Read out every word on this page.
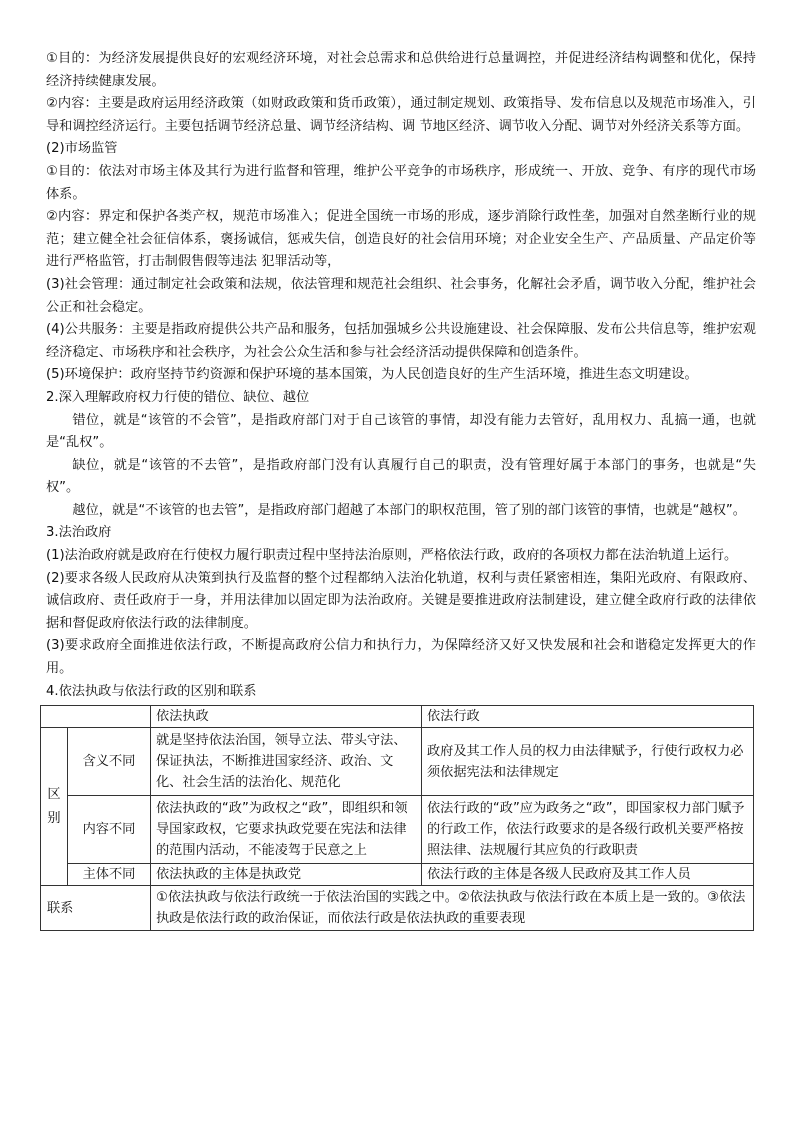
①目的：为经济发展提供良好的宏观经济环境，对社会总需求和总供给进行总量调控，并促进经济结构调整和优化，保持经济持续健康发展。

②内容：主要是政府运用经济政策（如财政政策和货币政策），通过制定规划、政策指导、发布信息以及规范市场准入，引导和调控经济运行。主要包括调节经济总量、调节经济结构、调 节地区经济、调节收入分配、调节对外经济关系等方面。

(2)市场监管

①目的：依法对市场主体及其行为进行监督和管理，维护公平竞争的市场秩序，形成统一、开放、竞争、有序的现代市场体系。

②内容：界定和保护各类产权，规范市场准入；促进全国统一市场的形成，逐步消除行政性垄，加强对自然垄断行业的规范；建立健全社会征信体系，褒扬诚信，惩戒失信，创造良好的社会信用环境；对企业安全生产、产品质量、产品定价等进行严格监管，打击制假售假等违法 犯罪活动等，

(3)社会管理：通过制定社会政策和法规，依法管理和规范社会组织、社会事务，化解社会矛盾，调节收入分配，维护社会公正和社会稳定。

(4)公共服务：主要是指政府提供公共产品和服务，包括加强城乡公共设施建设、社会保障服、发布公共信息等，维护宏观经济稳定、市场秩序和社会秩序，为社会公众生活和参与社会经济活动提供保障和创造条件。

(5)环境保护：政府坚持节约资源和保护环境的基本国策，为人民创造良好的生产生活环境，推进生态文明建设。

2.深入理解政府权力行使的错位、缺位、越位

错位，就是“该管的不会管”，是指政府部门对于自己该管的事情，却没有能力去管好，乱用权力、乱搞一通，也就是“乱权”。

缺位，就是“该管的不去管”，是指政府部门没有认真履行自己的职责，没有管理好属于本部门的事务，也就是“失权”。

越位，就是“不该管的也去管”，是指政府部门超越了本部门的职权范围，管了别的部门该管的事情，也就是“越权”。

3.法治政府

(1)法治政府就是政府在行使权力履行职责过程中坚持法治原则，严格依法行政，政府的各项权力都在法治轨道上运行。

(2)要求各级人民政府从决策到执行及监督的整个过程都纳入法治化轨道，权利与责任紧密相连，集阳光政府、有限政府、诚信政府、责任政府于一身，并用法律加以固定即为法治政府。关键是要推进政府法制建设，建立健全政府行政的法律依据和督促政府依法行政的法律制度。

(3)要求政府全面推进依法行政，不断提高政府公信力和执行力，为保障经济又好又快发展和社会和谐稳定发挥更大的作用。

4.依法执政与依法行政的区别和联系

		依法执政	依法行政
区别	含义不同	就是坚持依法治国，领导立法、带头守法、保证执法，不断推进国家经济、政治、文化、社会生活的法治化、规范化	政府及其工作人员的权力由法律赋予，行使行政权力必须依据宪法和法律规定
	内容不同	依法执政的“政”为政权之“政”，即组织和领导国家政权，它要求执政党要在宪法和法律的范围内活动，不能凌驾于民意之上	依法行政的“政”应为政务之“政”，即国家权力部门赋予的行政工作，依法行政要求的是各级行政机关要严格按照法律、法规履行其应负的行政职责
	主体不同	依法执政的主体是执政党	依法行政的主体是各级人民政府及其工作人员
联系		①依法执政与依法行政统一于依法治国的实践之中。②依法执政与依法行政在本质上是一致的。③依法执政是依法行政的政治保证，而依法行政是依法执政的重要表现	
